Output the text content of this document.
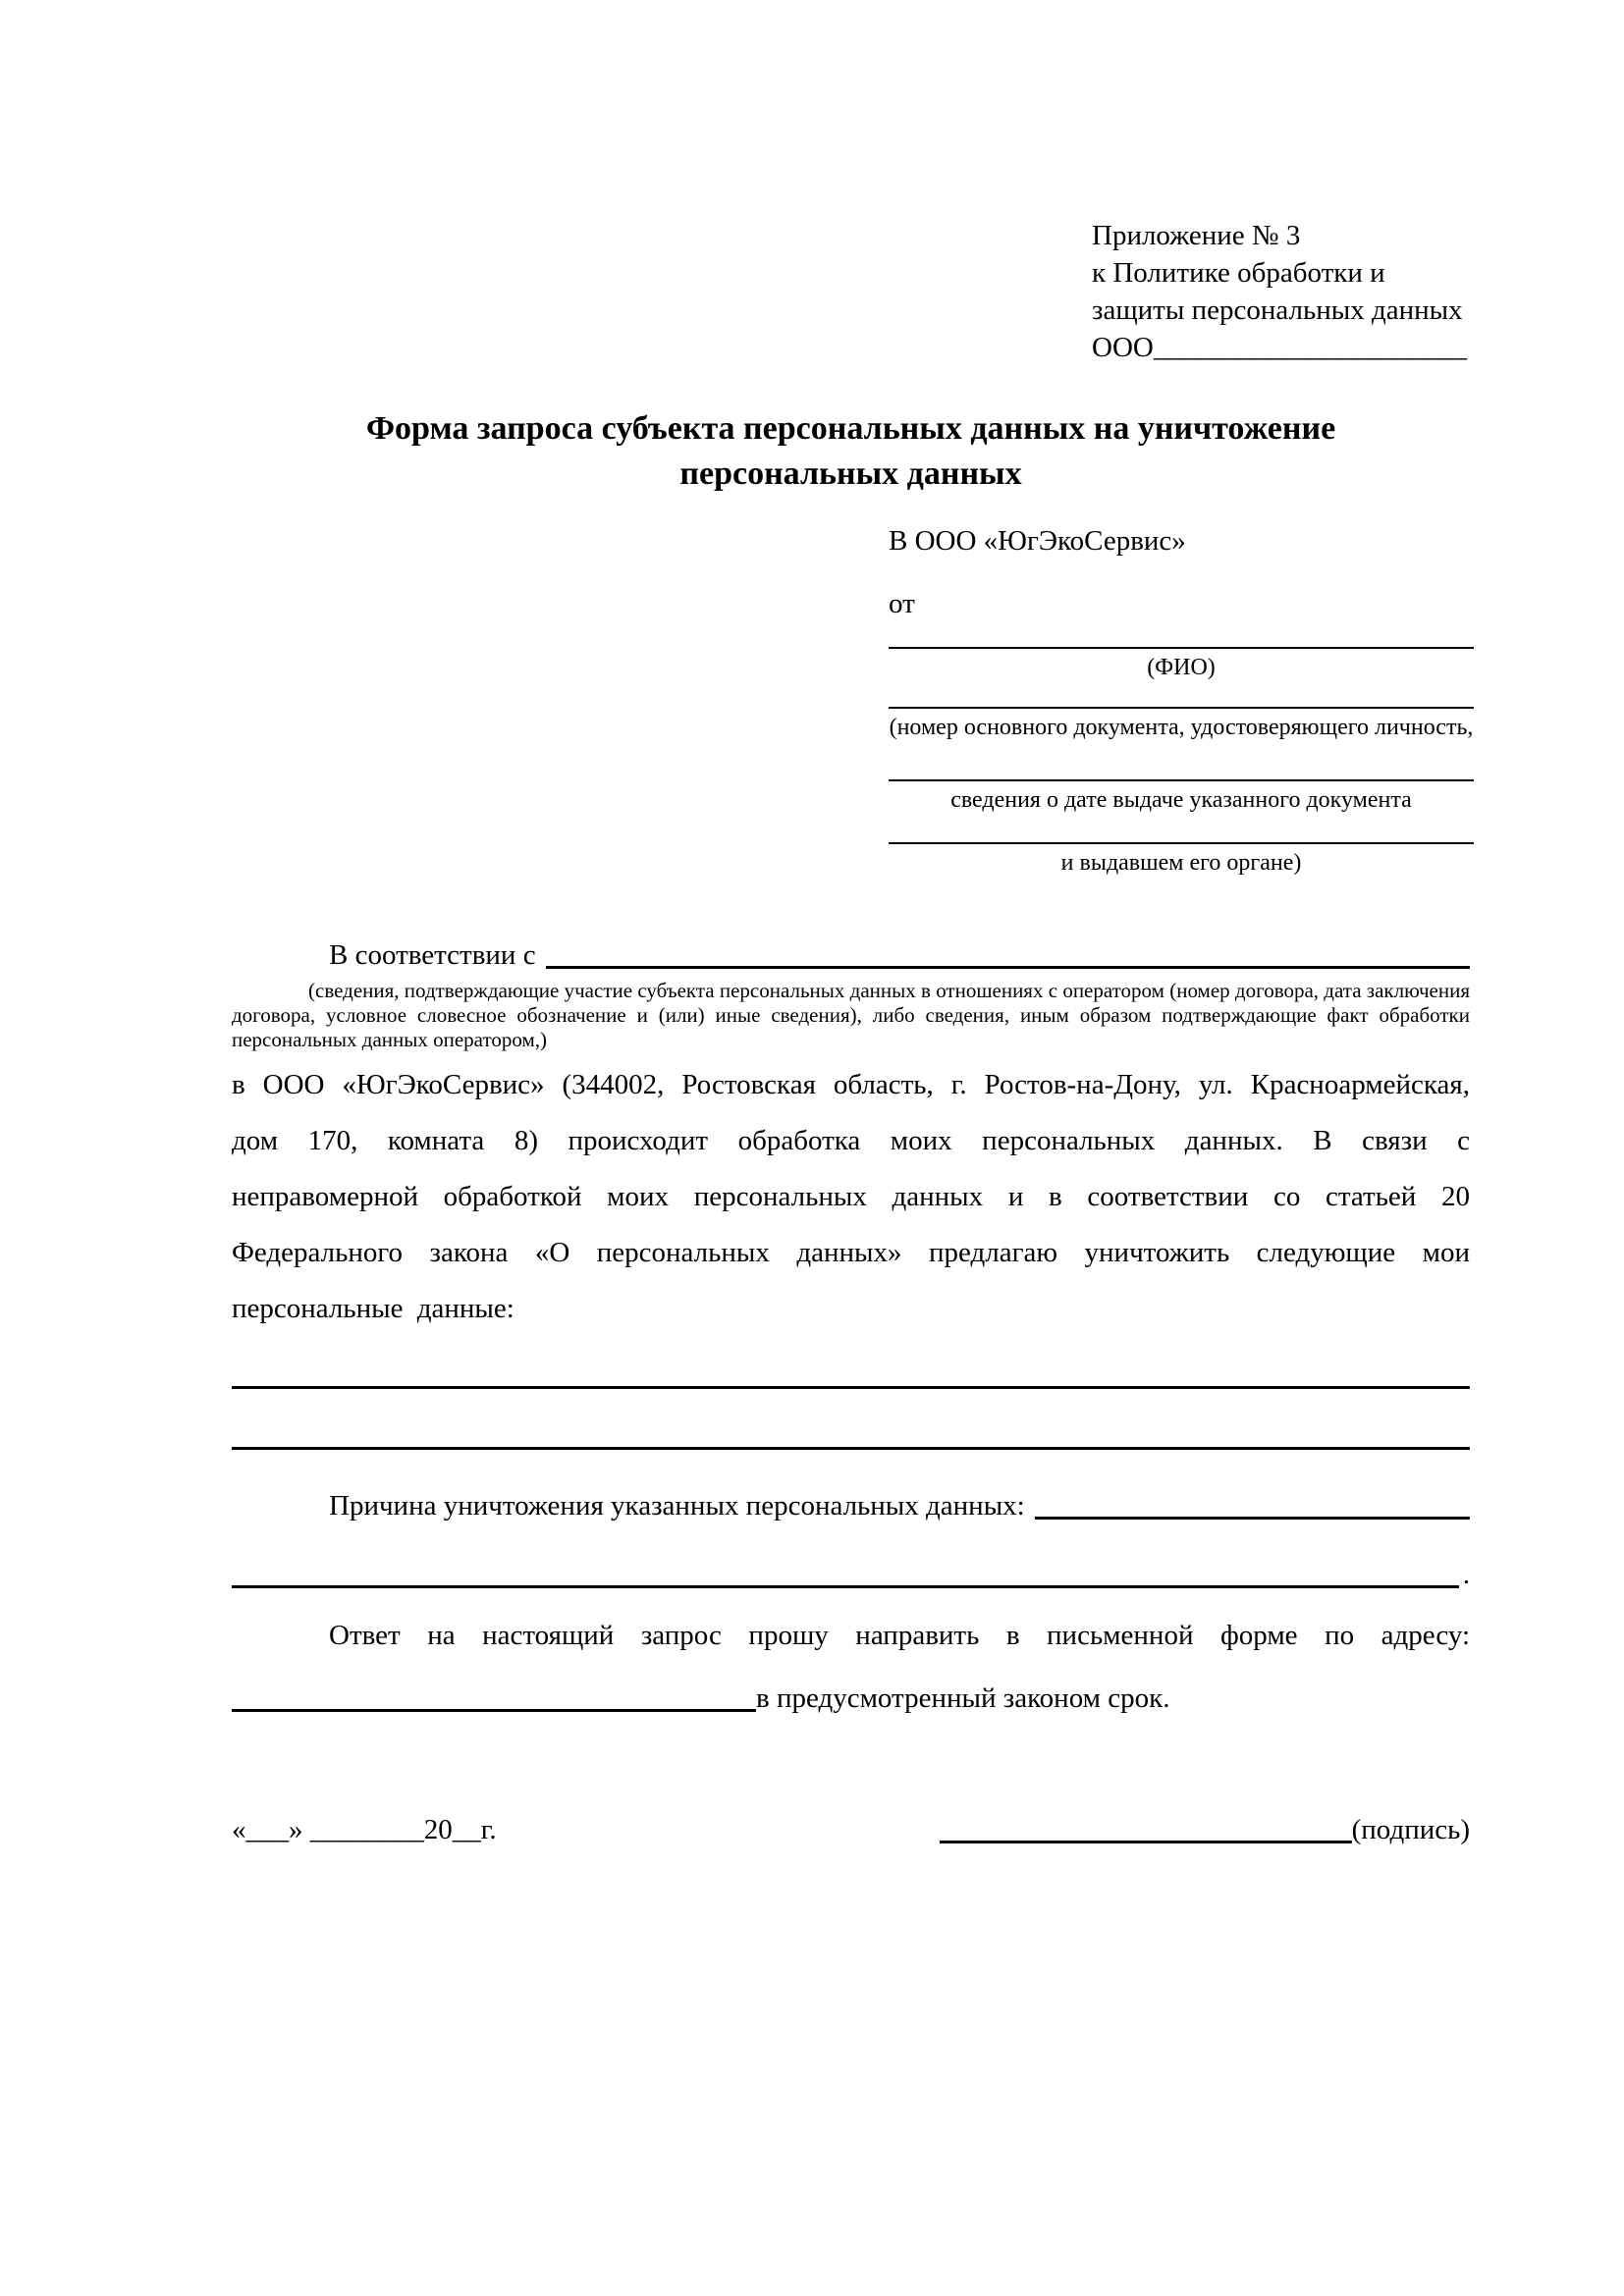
Приложение № 3
к Политике обработки и
защиты персональных данных
ООО______________________
Форма запроса субъекта персональных данных на уничтожение персональных данных
В ООО «ЮгЭкоСервис»
от
(ФИО)
(номер основного документа, удостоверяющего личность,
сведения о дате выдаче указанного документа
и выдавшем его органе)
В соответствии с
(сведения, подтверждающие участие субъекта персональных данных в отношениях с оператором (номер договора, дата заключения договора, условное словесное обозначение и (или) иные сведения), либо сведения, иным образом подтверждающие факт обработки персональных данных оператором,)
в ООО «ЮгЭкоСервис» (344002, Ростовская область, г. Ростов-на-Дону, ул. Красноармейская, дом 170, комната 8) происходит обработка моих персональных данных. В связи с неправомерной обработкой моих персональных данных и в соответствии со статьей 20 Федерального закона «О персональных данных» предлагаю уничтожить следующие мои персональные данные:
Причина уничтожения указанных персональных данных:
.
Ответ на настоящий запрос прошу направить в письменной форме по адресу:
в предусмотренный законом срок.
«___» ________20__г.	(подпись)
